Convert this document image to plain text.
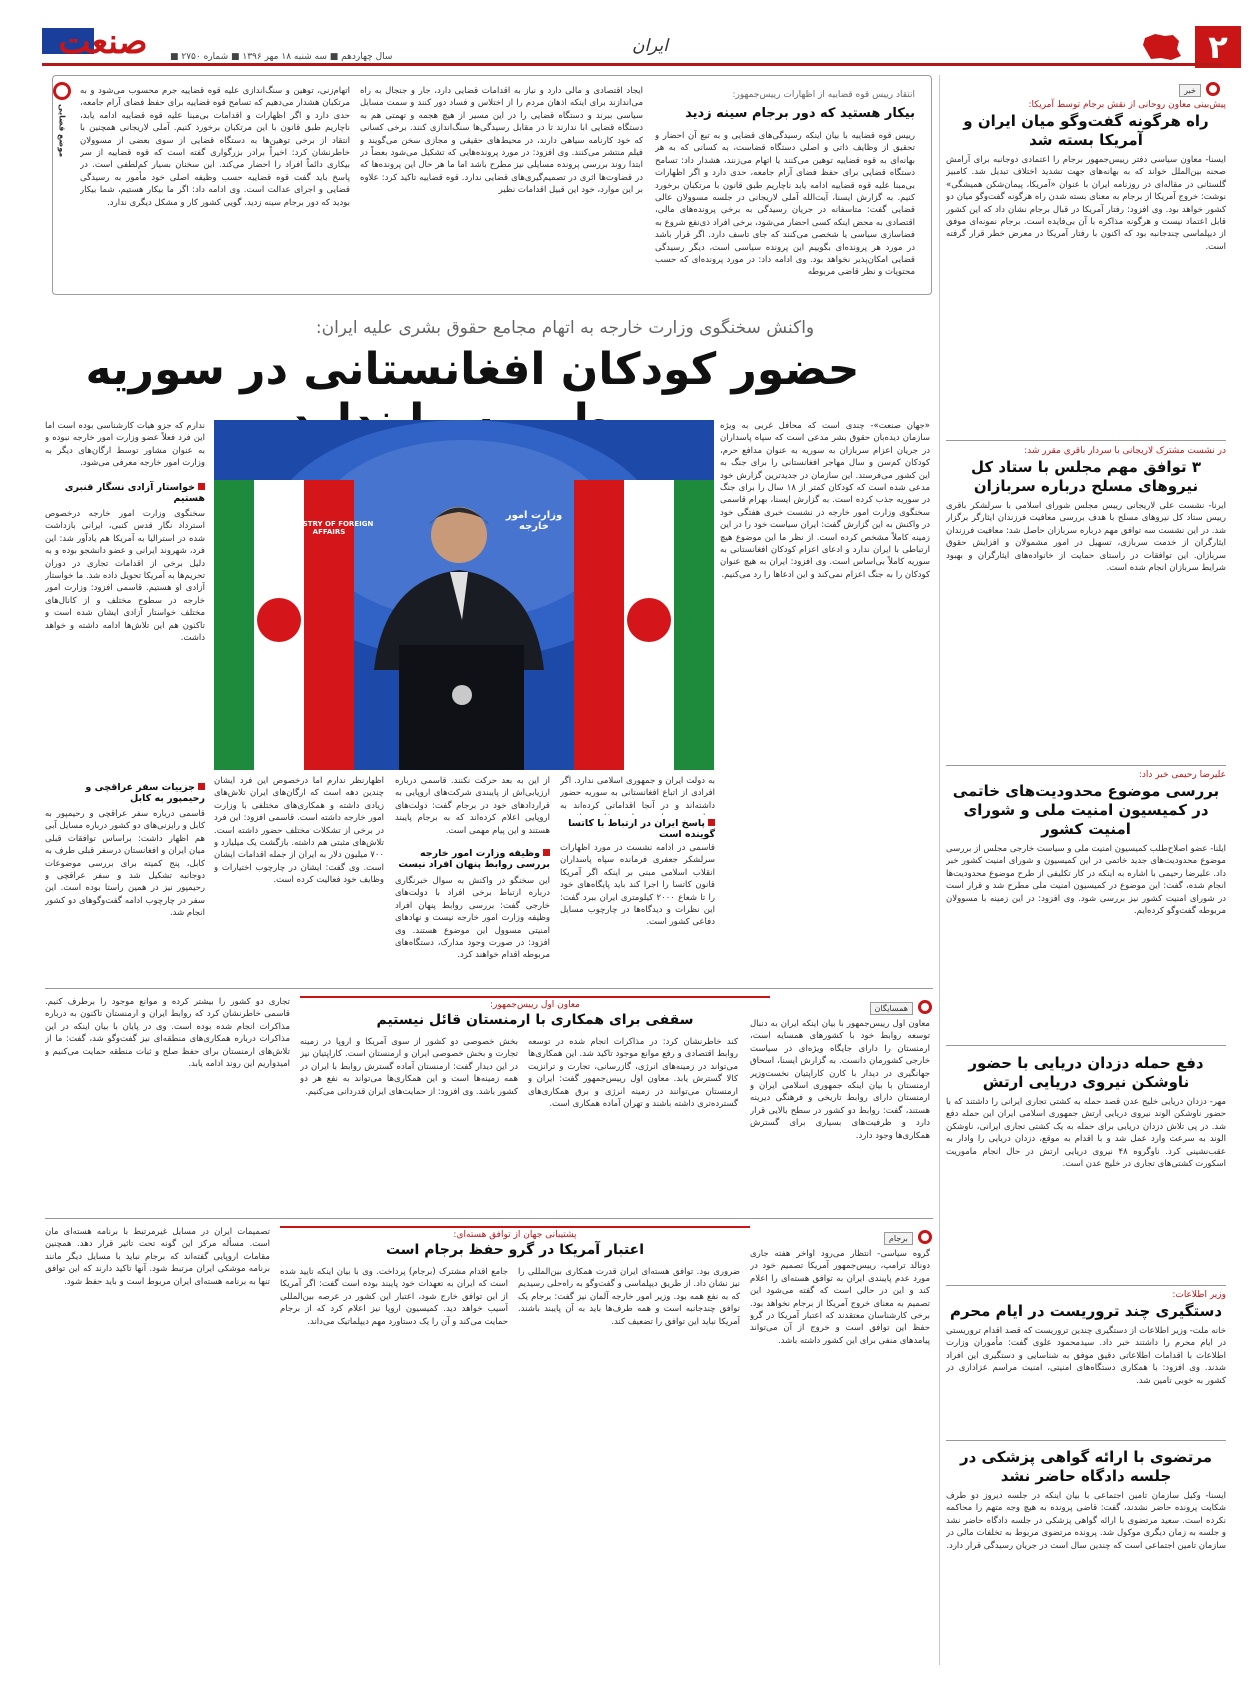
۲
ایران
صنعت	سال چهاردهم ■ سه شنبه ۱۸ مهر ۱۳۹۶ ■ شماره ۲۷۵۰ ■
موضع قضایی
انتقاد رییس قوه قضاییه از اظهارات رییس‌جمهور:
بیکار هستید که دور برجام سینه زدید
رییس قوه قضاییه با بیان اینکه رسیدگی‌های قضایی و به تبع آن احضار و تحقیق از وظایف ذاتی و اصلی دستگاه قضاست، به کسانی که به هر بهانه‌ای به قوه قضاییه توهین می‌کنند یا اتهام می‌زنند، هشدار داد: تسامح دستگاه قضایی برای حفظ فضای آرام جامعه، حدی دارد و اگر اظهارات بی‌مبنا علیه قوه قضاییه ادامه یابد ناچاریم طبق قانون با مرتکبان برخورد کنیم. به گزارش ایسنا، آیت‌الله آملی لاریجانی در جلسه مسوولان عالی قضایی گفت: متاسفانه در جریان رسیدگی به برخی پرونده‌های مالی، اقتصادی به محض اینکه کسی احضار می‌شود، برخی افراد ذی‌نفع شروع به فضاسازی سیاسی یا شخصی می‌کنند که جای تاسف دارد. اگر قرار باشد در مورد هر پرونده‌ای بگوییم این پرونده سیاسی است، دیگر رسیدگی قضایی امکان‌پذیر نخواهد بود. وی ادامه داد: در مورد پرونده‌ای که حسب محتویات و نظر قاضی مربوطه
ایجاد اقتصادی و مالی دارد و نیاز به اقدامات قضایی دارد، جار و جنجال به راه می‌اندازند برای اینکه اذهان مردم را از اختلاس و فساد دور کنند و سمت مسایل سیاسی ببرند و دستگاه قضایی را در این مسیر از هیچ هجمه و تهمتی هم به دستگاه قضایی ابا ندارند تا در مقابل رسیدگی‌ها سنگ‌اندازی کنند. برخی کسانی که خود کارنامه سیاهی دارند، در محیط‌های حقیقی و مجازی سخن می‌گویند و فیلم منتشر می‌کنند. وی افزود: در مورد پرونده‌هایی که تشکیل می‌شود بعضاً در ابتدا روند بررسی پرونده مسایلی نیز مطرح باشد اما ما هر حال این پرونده‌ها که در قضاوت‌ها اثری در تصمیم‌گیری‌های قضایی ندارد. قوه قضاییه تاکید کرد: علاوه بر این موارد، خود این قبیل اقدامات نظیر
اتهام‌زنی، توهین و سنگ‌اندازی علیه قوه قضاییه جرم محسوب می‌شود و به مرتکبان هشدار می‌دهیم که تسامح قوه قضاییه برای حفظ فضای آرام جامعه، حدی دارد و اگر اظهارات و اقدامات بی‌مبنا علیه قوه قضاییه ادامه یابد، ناچاریم طبق قانون با این مرتکبان برخورد کنیم. آملی لاریجانی همچنین با انتقاد از برخی توهین‌ها به دستگاه قضایی از سوی بعضی از مسوولان خاطرنشان کرد: اخیراً برادر بزرگواری گفته است که قوه قضاییه از سر بیکاری دائماً افراد را احضار می‌کند. این سخنان بسیار کم‌لطفی است. در پاسخ باید گفت قوه قضاییه حسب وظیفه اصلی خود مأمور به رسیدگی قضایی و اجرای عدالت است. وی ادامه داد: اگر ما بیکار هستیم، شما بیکار بودید که دور برجام سینه زدید. گویی کشور کار و مشکل دیگری ندارد.
واکنش سخنگوی وزارت خارجه به اتهام مجامع حقوق بشری علیه ایران:
حضور کودکان افغانستانی در سوریه
وزارت امور خارجه
MINISTRY OF FOREIGN AFFAIRS
«جهان صنعت»- چندی است که محافل غربی به ویژه سازمان دیده‌بان حقوق بشر مدعی است که سپاه پاسداران در جریان اعزام سربازان به سوریه به عنوان مدافع حرم، کودکان کم‌سن و سال مهاجر افغانستانی را برای جنگ به این کشور می‌فرستد. این سازمان در جدیدترین گزارش خود مدعی شده است که کودکان کمتر از ۱۸ سال را برای جنگ در سوریه جذب کرده است. به گزارش ایسنا، بهرام قاسمی سخنگوی وزارت امور خارجه در نشست خبری هفتگی خود در واکنش به این گزارش گفت: ایران سیاست خود را در این زمینه کاملاً مشخص کرده است. از نظر ما این موضوع هیچ ارتباطی با ایران ندارد و ادعای اعزام کودکان افغانستانی به سوریه کاملاً بی‌اساس است. وی افزود: ایران به هیچ عنوان کودکان را به جنگ اعزام نمی‌کند و این ادعاها را رد می‌کنیم.
به دولت ایران و جمهوری اسلامی ندارد. اگر افرادی از اتباع افغانستانی به سوریه حضور داشته‌اند و در آنجا اقداماتی کرده‌اند به
پاسخ ایران در ارتباط با کاتسا گوینده است
قاسمی در ادامه نشست در مورد اظهارات سرلشکر جعفری فرمانده سپاه پاسداران انقلاب اسلامی مبنی بر اینکه اگر آمریکا قانون کاتسا را اجرا کند باید پایگاه‌های خود را تا شعاع ۲۰۰۰ کیلومتری ایران ببرد گفت: این نظرات و دیدگاه‌ها در چارچوب مسایل دفاعی کشور است.
از این به بعد حرکت نکنند. قاسمی درباره ارزیابی‌اش از پایبندی شرکت‌های اروپایی به قراردادهای خود در برجام گفت: دولت‌های اروپایی اعلام کرده‌اند که به برجام پایبند هستند و این پیام مهمی است.
وظیفه وزارت امور خارجه بررسی روابط پنهان افراد نیست
این سخنگو در واکنش به سوال خبرنگاری درباره ارتباط برخی افراد با دولت‌های خارجی گفت: بررسی روابط پنهان افراد وظیفه وزارت امور خارجه نیست و نهادهای امنیتی مسوول این موضوع هستند. وی افزود: در صورت وجود مدارک، دستگاه‌های مربوطه اقدام خواهند کرد.
اظهارنظر ندارم اما درخصوص این فرد ایشان چندین دهه است که ارگان‌های ایران تلاش‌های زیادی داشته و همکاری‌های مختلفی با وزارت امور خارجه داشته است. قاسمی افزود: این فرد در برخی از تشکلات مختلف حضور داشته است. تلاش‌های مثبتی هم داشته. بازگشت یک میلیارد و ۷۰۰ میلیون دلار به ایران از جمله اقدامات ایشان است. وی گفت: ایشان در چارچوب اختیارات و وظایف خود فعالیت کرده است.
ندارم که جزو هیات کارشناسی بوده است اما این فرد فعلاً عضو وزارت امور خارجه نبوده و به عنوان مشاور توسط ارگان‌های دیگر به وزارت امور خارجه معرفی می‌شود.
خواستار آزادی نسگار قنبری هستیم
سخنگوی وزارت امور خارجه درخصوص استرداد نگار قدس کنبی، ایرانی بازداشت شده در استرالیا به آمریکا هم یادآور شد: این فرد، شهروند ایرانی و عضو دانشجو بوده و به دلیل برخی از اقدامات تجاری در دوران تحریم‌ها به آمریکا تحویل داده شد. ما خواستار آزادی او هستیم. قاسمی افزود: وزارت امور خارجه در سطوح مختلف و از کانال‌های مختلف خواستار آزادی ایشان شده است و تاکنون هم این تلاش‌ها ادامه داشته و خواهد داشت.
جزییات سفر عراقچی و رحیمپور به کابل
قاسمی درباره سفر عراقچی و رحیمپور به کابل و رایزنی‌های دو کشور درباره مسایل آبی هم اظهار داشت: براساس توافقات قبلی میان ایران و افغانستان درسفر قبلی طرف به کابل، پنج کمیته برای بررسی موضوعات دوجانبه تشکیل شد و سفر عراقچی و رحیمپور نیز در همین راستا بوده است. این سفر در چارچوب ادامه گفت‌وگوهای دو کشور انجام شد.
همسایگان
معاون اول رییس‌جمهور:
سقفی برای همکاری با ارمنستان قائل نیستیم	معاون اول رییس‌جمهور با بیان اینکه ایران به دنبال توسعه روابط خود با کشورهای همسایه است، ارمنستان را دارای جایگاه ویژه‌ای در سیاست خارجی کشورمان دانست. به گزارش ایسنا، اسحاق جهانگیری در دیدار با کارن کاراپتیان نخست‌وزیر ارمنستان با بیان اینکه جمهوری اسلامی ایران و ارمنستان دارای روابط تاریخی و فرهنگی دیرینه هستند، گفت: روابط دو کشور در سطح بالایی قرار دارد و ظرفیت‌های بسیاری برای گسترش همکاری‌ها وجود دارد.
کند خاطرنشان کرد: در مذاکرات انجام شده در توسعه روابط اقتصادی و رفع موانع موجود تاکید شد. این همکاری‌ها می‌تواند در زمینه‌های انرژی، گازرسانی، تجارت و ترانزیت کالا گسترش یابد. معاون اول رییس‌جمهور گفت: ایران و ارمنستان می‌توانند در زمینه انرژی و برق همکاری‌های گسترده‌تری داشته باشند و تهران آماده همکاری است.
بخش خصوصی دو کشور از سوی آمریکا و اروپا در زمینه تجارت و بخش خصوصی ایران و ارمنستان است. کاراپتیان نیز در این دیدار گفت: ارمنستان آماده گسترش روابط با ایران در همه زمینه‌ها است و این همکاری‌ها می‌تواند به نفع هر دو کشور باشد. وی افزود: از حمایت‌های ایران قدردانی می‌کنیم.
تجاری دو کشور را بیشتر کرده و موانع موجود را برطرف کنیم. قاسمی خاطرنشان کرد که روابط ایران و ارمنستان تاکنون به درباره مذاکرات انجام شده بوده است. وی در پایان با بیان اینکه در این مذاکرات درباره همکاری‌های منطقه‌ای نیز گفت‌وگو شد، گفت: ما از تلاش‌های ارمنستان برای حفظ صلح و ثبات منطقه حمایت می‌کنیم و امیدواریم این روند ادامه یابد.
برجام
پشتیبانی جهان از توافق هسته‌ای:
اعتبار آمریکا در گرو حفظ برجام است	گروه سیاسی- انتظار می‌رود اواخر هفته جاری دونالد ترامپ، رییس‌جمهور آمریکا تصمیم خود در مورد عدم پایبندی ایران به توافق هسته‌ای را اعلام کند و این در حالی است که گفته می‌شود این تصمیم به معنای خروج آمریکا از برجام نخواهد بود. برخی کارشناسان معتقدند که اعتبار آمریکا در گرو حفظ این توافق است و خروج از آن می‌تواند پیامدهای منفی برای این کشور داشته باشد.
ضروری بود. توافق هسته‌ای ایران قدرت همکاری بین‌المللی را نیز نشان داد. از طریق دیپلماسی و گفت‌وگو به راه‌حلی رسیدیم که به نفع همه بود. وزیر امور خارجه آلمان نیز گفت: برجام یک توافق چندجانبه است و همه طرف‌ها باید به آن پایبند باشند. آمریکا نباید این توافق را تضعیف کند.
جامع اقدام مشترک (برجام) پرداخت. وی با بیان اینکه تایید شده است که ایران به تعهدات خود پایبند بوده است گفت: اگر آمریکا از این توافق خارج شود، اعتبار این کشور در عرصه بین‌المللی آسیب خواهد دید. کمیسیون اروپا نیز اعلام کرد که از برجام حمایت می‌کند و آن را یک دستاورد مهم دیپلماتیک می‌داند.
تصمیمات ایران در مسایل غیرمرتبط با برنامه هسته‌ای مان است. مسأله مرکز این گونه تحت تاثیر قرار دهد. همچنین مقامات اروپایی گفته‌اند که برجام نباید با مسایل دیگر مانند برنامه موشکی ایران مرتبط شود. آنها تاکید دارند که این توافق تنها به برنامه هسته‌ای ایران مربوط است و باید حفظ شود.
خبر
پیش‌بینی معاون روحانی از نقش برجام توسط آمریکا:
راه هرگونه گفت‌وگو میان ایران و آمریکا بسته شد
ایسنا- معاون سیاسی دفتر رییس‌جمهور برجام را اعتمادی دوجانبه برای آرامش صحنه بین‌الملل خواند که به بهانه‌های جهت تشدید اختلاف تبدیل شد. کامبیز گلستانی در مقاله‌ای در روزنامه ایران با عنوان «آمریکا، پیمان‌شکن همیشگی» نوشت: خروج آمریکا از برجام به معنای بسته شدن راه هرگونه گفت‌وگو میان دو کشور خواهد بود. وی افزود: رفتار آمریکا در قبال برجام نشان داد که این کشور قابل اعتماد نیست و هرگونه مذاکره با آن بی‌فایده است. برجام نمونه‌ای موفق از دیپلماسی چندجانبه بود که اکنون با رفتار آمریکا در معرض خطر قرار گرفته است.
در نشست مشترک لاریجانی با سردار باقری مقرر شد:
۳ توافق مهم مجلس با ستاد کل نیروهای مسلح درباره سربازان
ایرنا- نشست علی لاریجانی رییس مجلس شورای اسلامی با سرلشکر باقری رییس ستاد کل نیروهای مسلح با هدف بررسی معافیت فرزندان ایثارگر برگزار شد. در این نشست سه توافق مهم درباره سربازان حاصل شد: معافیت فرزندان ایثارگران از خدمت سربازی، تسهیل در امور مشمولان و افزایش حقوق سربازان. این توافقات در راستای حمایت از خانواده‌های ایثارگران و بهبود شرایط سربازان انجام شده است.
علیرضا رحیمی خبر داد:
بررسی موضوع محدودیت‌های خاتمی در کمیسیون امنیت ملی و شورای امنیت کشور
ایلنا- عضو اصلاح‌طلب کمیسیون امنیت ملی و سیاست خارجی مجلس از بررسی موضوع محدودیت‌های جدید خاتمی در این کمیسیون و شورای امنیت کشور خبر داد. علیرضا رحیمی با اشاره به اینکه در کار تکلیفی از طرح موضوع محدودیت‌ها انجام شده، گفت: این موضوع در کمیسیون امنیت ملی مطرح شد و قرار است در شورای امنیت کشور نیز بررسی شود. وی افزود: در این زمینه با مسوولان مربوطه گفت‌وگو کرده‌ایم.
دفع حمله دزدان دریایی با حضور ناوشکن نیروی دریایی ارتش
مهر- دزدان دریایی خلیج عدن قصد حمله به کشتی تجاری ایرانی را داشتند که با حضور ناوشکن الوند نیروی دریایی ارتش جمهوری اسلامی ایران این حمله دفع شد. در پی تلاش دزدان دریایی برای حمله به یک کشتی تجاری ایرانی، ناوشکن الوند به سرعت وارد عمل شد و با اقدام به موقع، دزدان دریایی را وادار به عقب‌نشینی کرد. ناوگروه ۴۸ نیروی دریایی ارتش در حال انجام ماموریت اسکورت کشتی‌های تجاری در خلیج عدن است.
وزیر اطلاعات:
دستگیری چند تروریست در ایام محرم
خانه ملت- وزیر اطلاعات از دستگیری چندین تروریست که قصد اقدام تروریستی در ایام محرم را داشتند خبر داد. سیدمحمود علوی گفت: مأموران وزارت اطلاعات با اقدامات اطلاعاتی دقیق موفق به شناسایی و دستگیری این افراد شدند. وی افزود: با همکاری دستگاه‌های امنیتی، امنیت مراسم عزاداری در کشور به خوبی تامین شد.
مرتضوی با ارائه گواهی پزشکی در جلسه دادگاه حاضر نشد
ایسنا- وکیل سازمان تامین اجتماعی با بیان اینکه در جلسه دیروز دو طرف شکایت پرونده حاضر نشدند، گفت: قاضی پرونده به هیچ وجه متهم را محاکمه نکرده است. سعید مرتضوی با ارائه گواهی پزشکی در جلسه دادگاه حاضر نشد و جلسه به زمان دیگری موکول شد. پرونده مرتضوی مربوط به تخلفات مالی در سازمان تامین اجتماعی است که چندین سال است در جریان رسیدگی قرار دارد.
